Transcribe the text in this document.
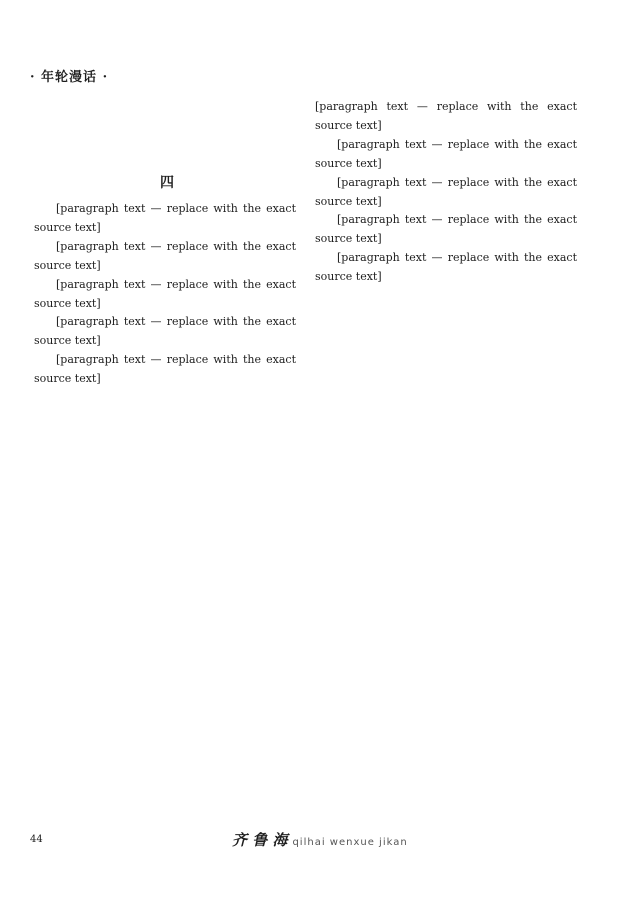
· 年轮漫话 ·
四

[paragraph text — replace with the exact source text]

[paragraph text — replace with the exact source text]

[paragraph text — replace with the exact source text]

[paragraph text — replace with the exact source text]

[paragraph text — replace with the exact source text]

[paragraph text — replace with the exact source text]

[paragraph text — replace with the exact source text]

[paragraph text — replace with the exact source text]

[paragraph text — replace with the exact source text]

[paragraph text — replace with the exact source text]

44	齐 鲁 海 qilhai wenxue jikan
